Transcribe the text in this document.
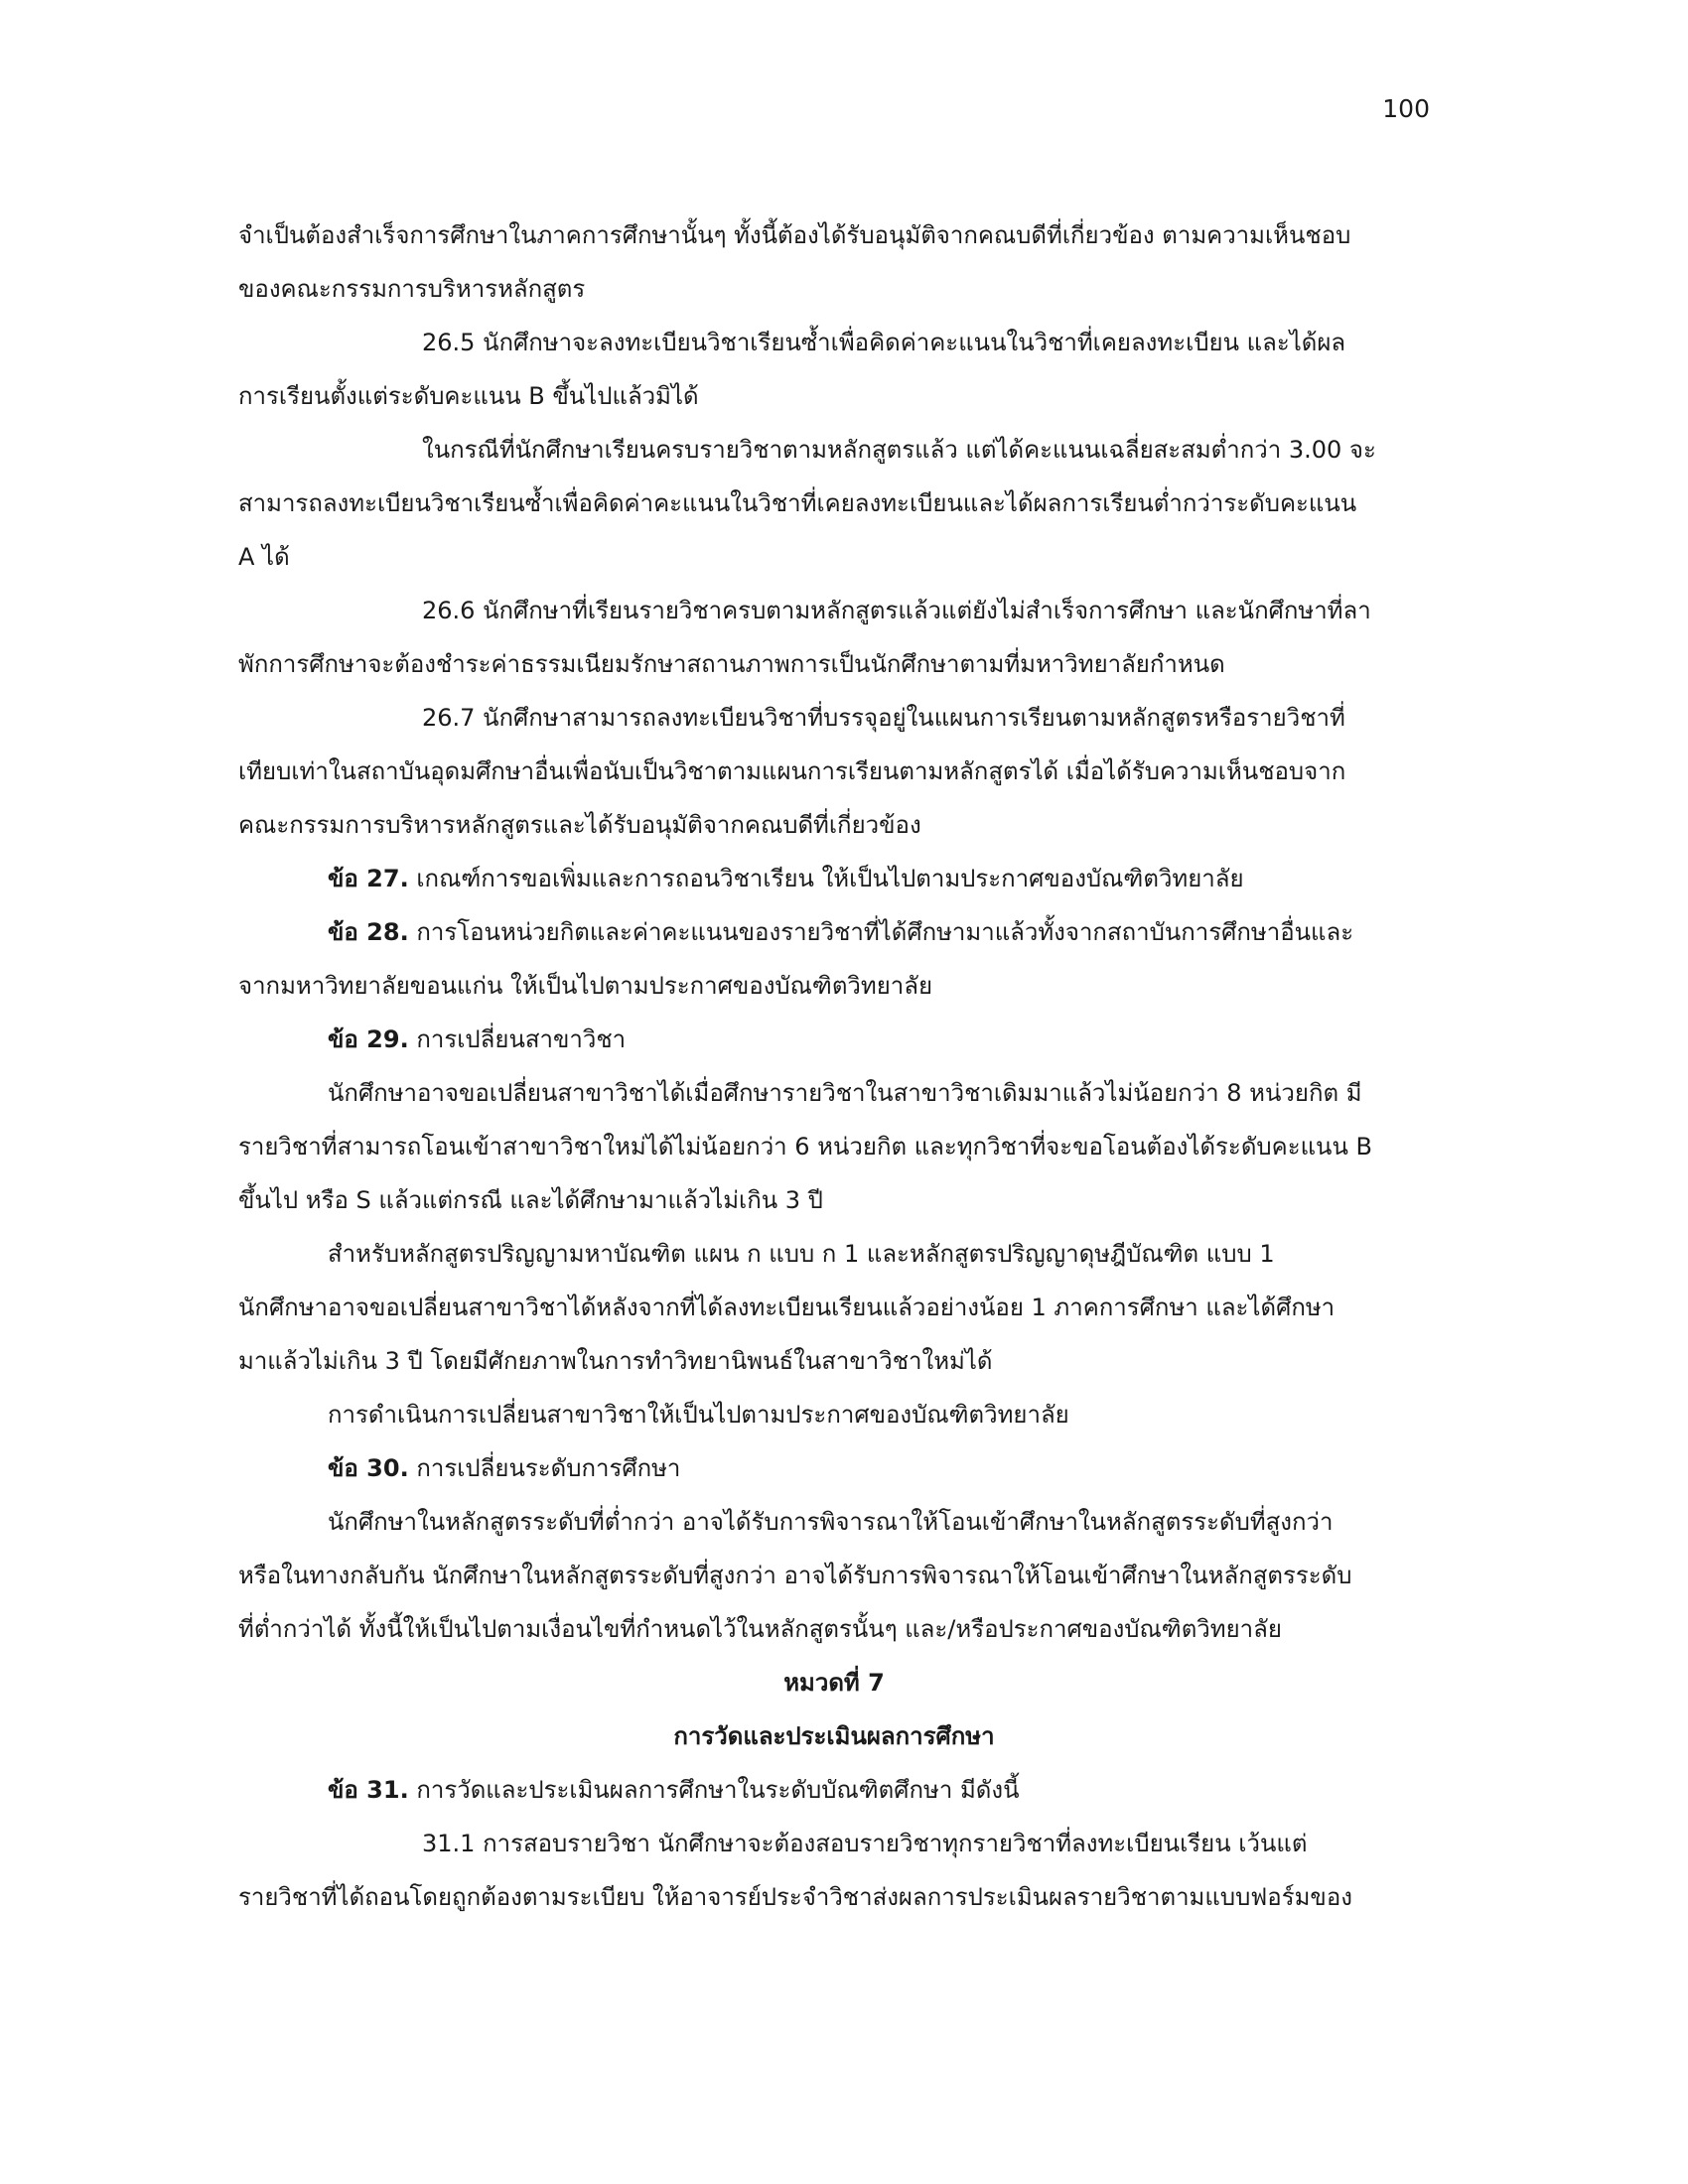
100
จำเป็นต้องสำเร็จการศึกษาในภาคการศึกษานั้นๆ ทั้งนี้ต้องได้รับอนุมัติจากคณบดีที่เกี่ยวข้อง ตามความเห็นชอบ
ของคณะกรรมการบริหารหลักสูตร
26.5 นักศึกษาจะลงทะเบียนวิชาเรียนซ้ำเพื่อคิดค่าคะแนนในวิชาที่เคยลงทะเบียน และได้ผล
การเรียนตั้งแต่ระดับคะแนน B ขึ้นไปแล้วมิได้
ในกรณีที่นักศึกษาเรียนครบรายวิชาตามหลักสูตรแล้ว แต่ได้คะแนนเฉลี่ยสะสมต่ำกว่า 3.00 จะ
สามารถลงทะเบียนวิชาเรียนซ้ำเพื่อคิดค่าคะแนนในวิชาที่เคยลงทะเบียนและได้ผลการเรียนต่ำกว่าระดับคะแนน
A ได้
26.6 นักศึกษาที่เรียนรายวิชาครบตามหลักสูตรแล้วแต่ยังไม่สำเร็จการศึกษา และนักศึกษาที่ลา
พักการศึกษาจะต้องชำระค่าธรรมเนียมรักษาสถานภาพการเป็นนักศึกษาตามที่มหาวิทยาลัยกำหนด
26.7 นักศึกษาสามารถลงทะเบียนวิชาที่บรรจุอยู่ในแผนการเรียนตามหลักสูตรหรือรายวิชาที่
เทียบเท่าในสถาบันอุดมศึกษาอื่นเพื่อนับเป็นวิชาตามแผนการเรียนตามหลักสูตรได้ เมื่อได้รับความเห็นชอบจาก
คณะกรรมการบริหารหลักสูตรและได้รับอนุมัติจากคณบดีที่เกี่ยวข้อง
ข้อ 27. เกณฑ์การขอเพิ่มและการถอนวิชาเรียน ให้เป็นไปตามประกาศของบัณฑิตวิทยาลัย
ข้อ 28. การโอนหน่วยกิตและค่าคะแนนของรายวิชาที่ได้ศึกษามาแล้วทั้งจากสถาบันการศึกษาอื่นและ
จากมหาวิทยาลัยขอนแก่น ให้เป็นไปตามประกาศของบัณฑิตวิทยาลัย
ข้อ 29. การเปลี่ยนสาขาวิชา
นักศึกษาอาจขอเปลี่ยนสาขาวิชาได้เมื่อศึกษารายวิชาในสาขาวิชาเดิมมาแล้วไม่น้อยกว่า 8 หน่วยกิต มี
รายวิชาที่สามารถโอนเข้าสาขาวิชาใหม่ได้ไม่น้อยกว่า 6 หน่วยกิต และทุกวิชาที่จะขอโอนต้องได้ระดับคะแนน B
ขึ้นไป หรือ S แล้วแต่กรณี และได้ศึกษามาแล้วไม่เกิน 3 ปี
สำหรับหลักสูตรปริญญามหาบัณฑิต แผน ก แบบ ก 1 และหลักสูตรปริญญาดุษฎีบัณฑิต แบบ 1
นักศึกษาอาจขอเปลี่ยนสาขาวิชาได้หลังจากที่ได้ลงทะเบียนเรียนแล้วอย่างน้อย 1 ภาคการศึกษา และได้ศึกษา
มาแล้วไม่เกิน 3 ปี โดยมีศักยภาพในการทำวิทยานิพนธ์ในสาขาวิชาใหม่ได้
การดำเนินการเปลี่ยนสาขาวิชาให้เป็นไปตามประกาศของบัณฑิตวิทยาลัย
ข้อ 30. การเปลี่ยนระดับการศึกษา
นักศึกษาในหลักสูตรระดับที่ต่ำกว่า อาจได้รับการพิจารณาให้โอนเข้าศึกษาในหลักสูตรระดับที่สูงกว่า
หรือในทางกลับกัน นักศึกษาในหลักสูตรระดับที่สูงกว่า อาจได้รับการพิจารณาให้โอนเข้าศึกษาในหลักสูตรระดับ
ที่ต่ำกว่าได้ ทั้งนี้ให้เป็นไปตามเงื่อนไขที่กำหนดไว้ในหลักสูตรนั้นๆ และ/หรือประกาศของบัณฑิตวิทยาลัย
หมวดที่ 7
การวัดและประเมินผลการศึกษา
ข้อ 31. การวัดและประเมินผลการศึกษาในระดับบัณฑิตศึกษา มีดังนี้
31.1 การสอบรายวิชา นักศึกษาจะต้องสอบรายวิชาทุกรายวิชาที่ลงทะเบียนเรียน เว้นแต่
รายวิชาที่ได้ถอนโดยถูกต้องตามระเบียบ ให้อาจารย์ประจำวิชาส่งผลการประเมินผลรายวิชาตามแบบฟอร์มของ
